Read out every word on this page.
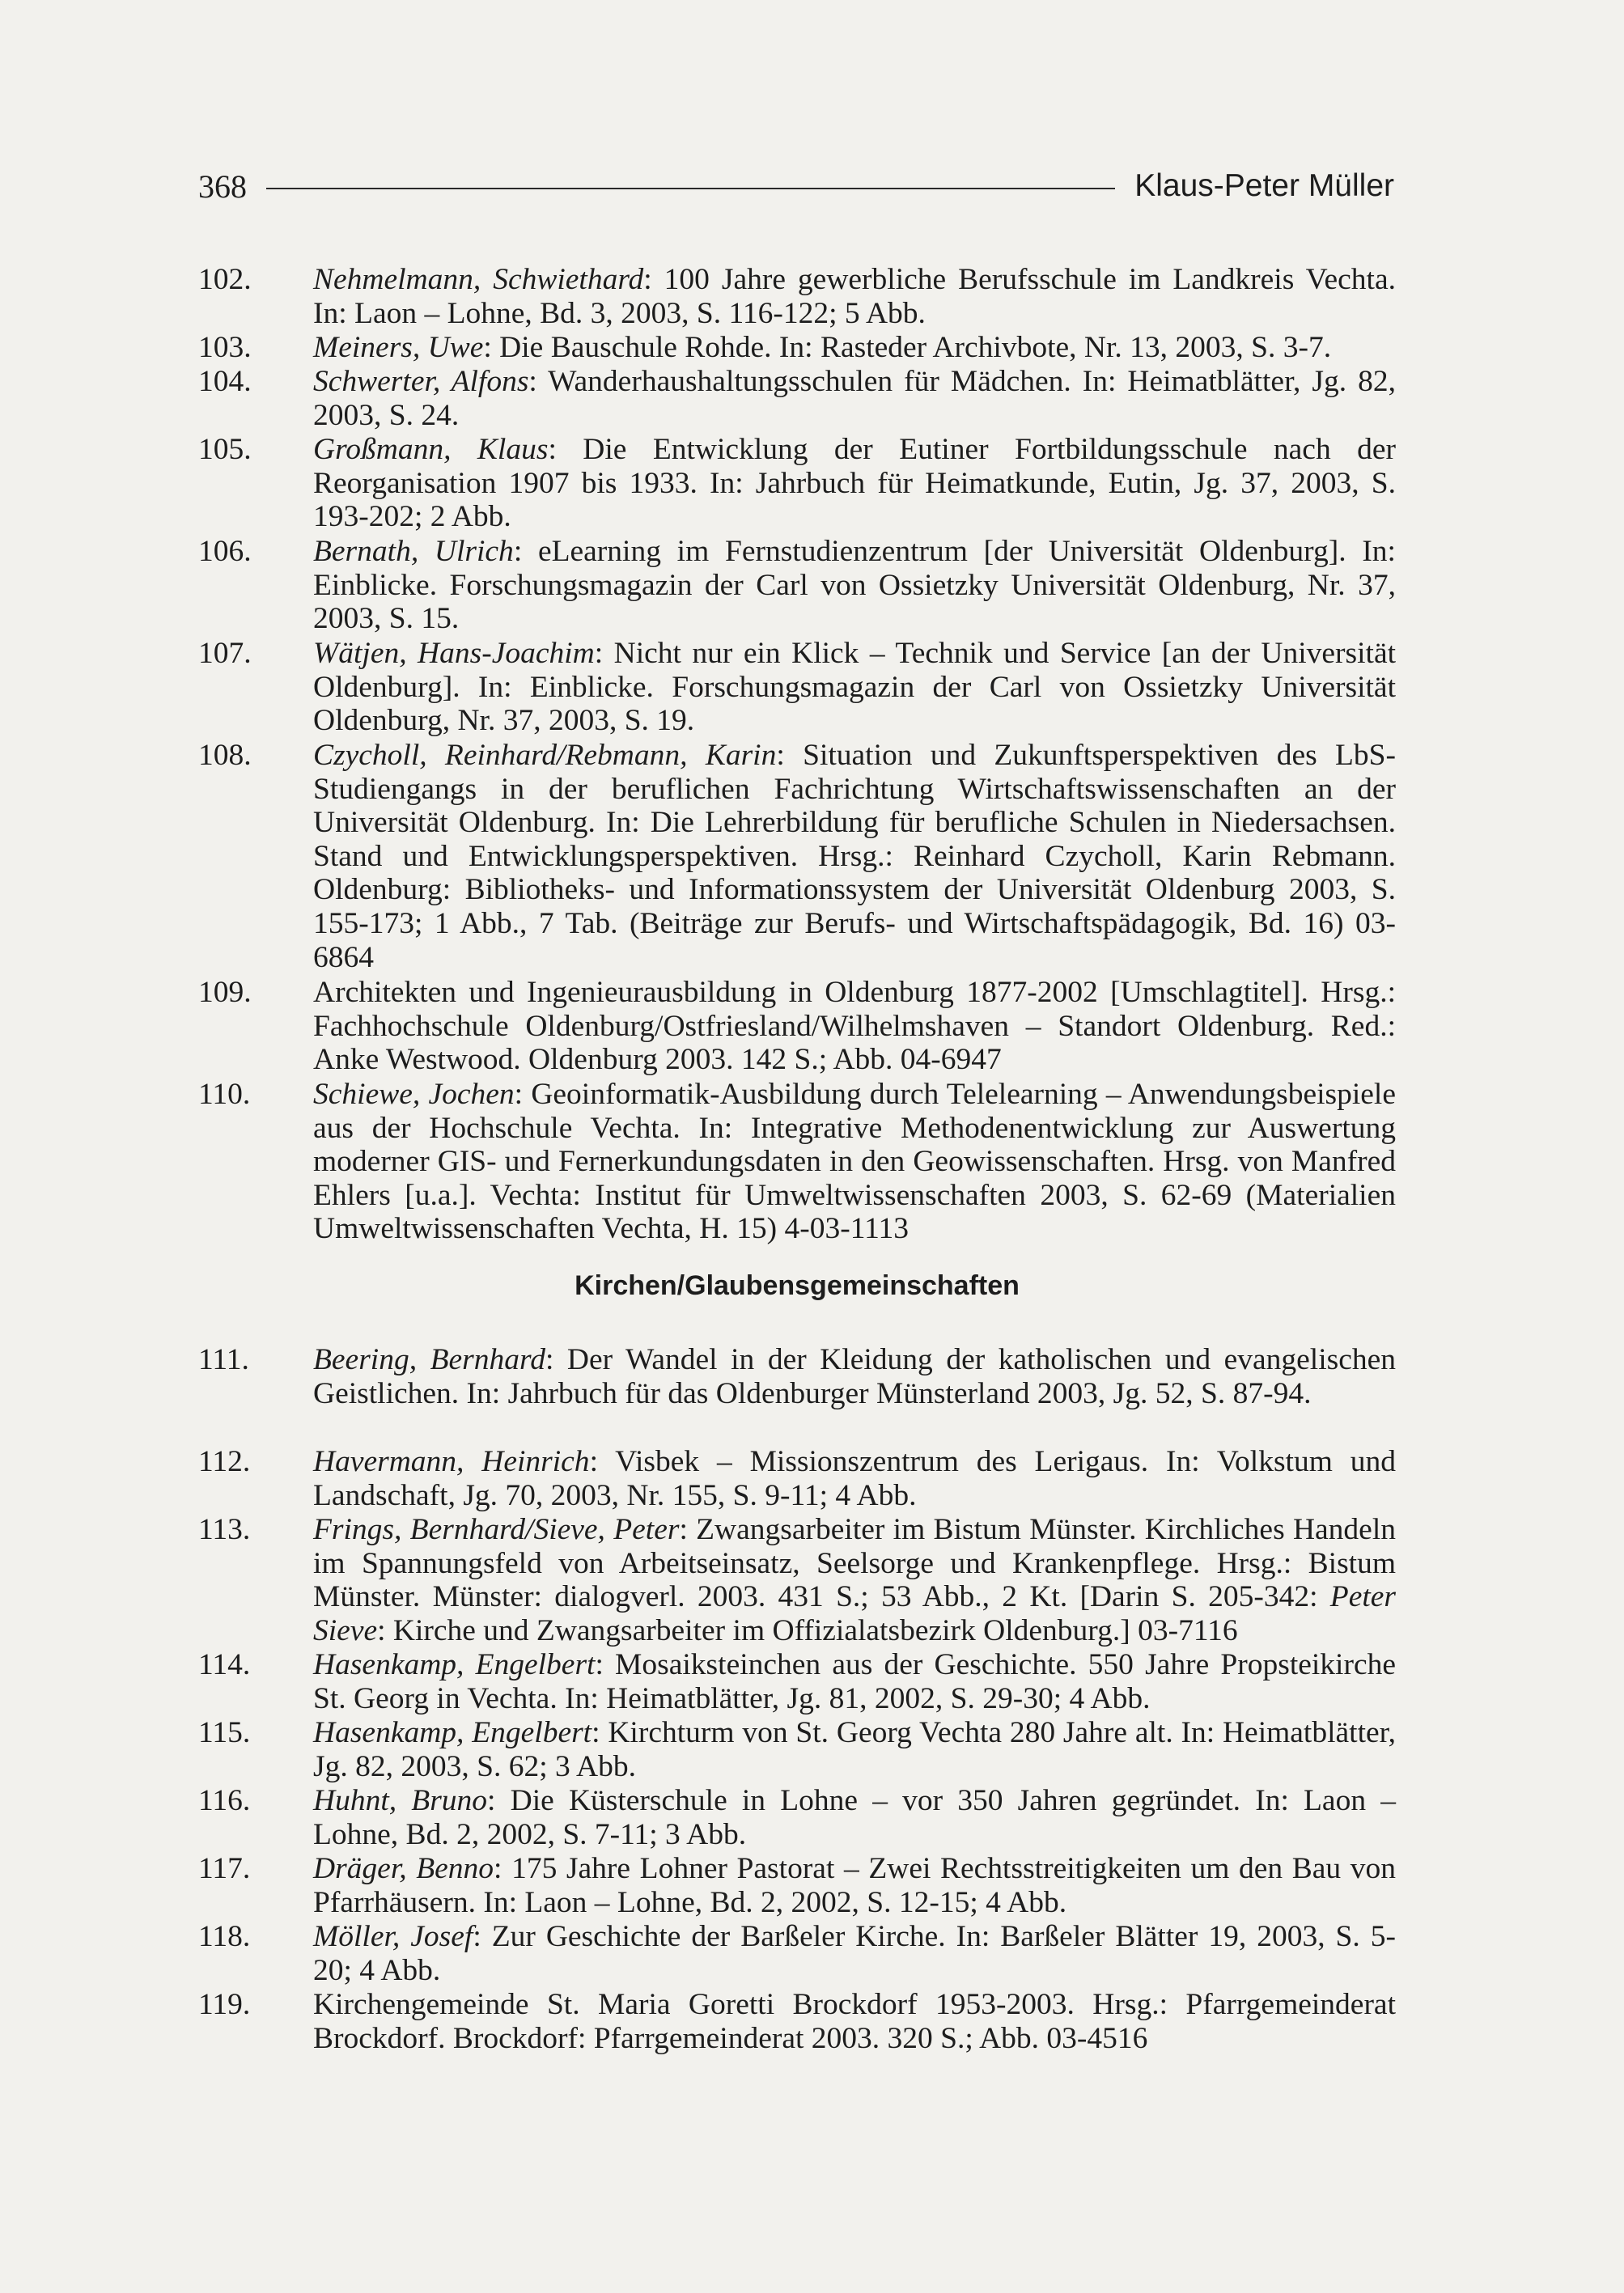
368	Klaus-Peter Müller
102.	Nehmelmann, Schwiethard: 100 Jahre gewerbliche Berufsschule im Landkreis Vechta. In: Laon – Lohne, Bd. 3, 2003, S. 116-122; 5 Abb.
103.	Meiners, Uwe: Die Bauschule Rohde. In: Rasteder Archivbote, Nr. 13, 2003, S. 3-7.
104.	Schwerter, Alfons: Wanderhaushaltungsschulen für Mädchen. In: Heimatblätter, Jg. 82, 2003, S. 24.
105.	Großmann, Klaus: Die Entwicklung der Eutiner Fortbildungsschule nach der Reorganisation 1907 bis 1933. In: Jahrbuch für Heimatkunde, Eutin, Jg. 37, 2003, S. 193-202; 2 Abb.
106.	Bernath, Ulrich: eLearning im Fernstudienzentrum [der Universität Oldenburg]. In: Einblicke. Forschungsmagazin der Carl von Ossietzky Universität Oldenburg, Nr. 37, 2003, S. 15.
107.	Wätjen, Hans-Joachim: Nicht nur ein Klick – Technik und Service [an der Universität Oldenburg]. In: Einblicke. Forschungsmagazin der Carl von Ossietzky Universität Oldenburg, Nr. 37, 2003, S. 19.
108.	Czycholl, Reinhard/Rebmann, Karin: Situation und Zukunftsperspektiven des LbS-Studiengangs in der beruflichen Fachrichtung Wirtschaftswissenschaften an der Universität Oldenburg. In: Die Lehrerbildung für berufliche Schulen in Niedersachsen. Stand und Entwicklungsperspektiven. Hrsg.: Reinhard Czycholl, Karin Rebmann. Oldenburg: Bibliotheks- und Informationssystem der Universität Oldenburg 2003, S. 155-173; 1 Abb., 7 Tab. (Beiträge zur Berufs- und Wirtschaftspädagogik, Bd. 16) 03-6864
109.	Architekten und Ingenieurausbildung in Oldenburg 1877-2002 [Umschlagtitel]. Hrsg.: Fachhochschule Oldenburg/Ostfriesland/Wilhelmshaven – Standort Oldenburg. Red.: Anke Westwood. Oldenburg 2003. 142 S.; Abb. 04-6947
110.	Schiewe, Jochen: Geoinformatik-Ausbildung durch Telelearning – Anwendungsbeispiele aus der Hochschule Vechta. In: Integrative Methodenentwicklung zur Auswertung moderner GIS- und Fernerkundungsdaten in den Geowissenschaften. Hrsg. von Manfred Ehlers [u.a.]. Vechta: Institut für Umweltwissenschaften 2003, S. 62-69 (Materialien Umweltwissenschaften Vechta, H. 15) 4-03-1113
Kirchen/Glaubensgemeinschaften
111.	Beering, Bernhard: Der Wandel in der Kleidung der katholischen und evangelischen Geistlichen. In: Jahrbuch für das Oldenburger Münsterland 2003, Jg. 52, S. 87-94.
112.	Havermann, Heinrich: Visbek – Missionszentrum des Lerigaus. In: Volkstum und Landschaft, Jg. 70, 2003, Nr. 155, S. 9-11; 4 Abb.
113.	Frings, Bernhard/Sieve, Peter: Zwangsarbeiter im Bistum Münster. Kirchliches Handeln im Spannungsfeld von Arbeitseinsatz, Seelsorge und Krankenpflege. Hrsg.: Bistum Münster. Münster: dialogverl. 2003. 431 S.; 53 Abb., 2 Kt. [Darin S. 205-342: Peter Sieve: Kirche und Zwangsarbeiter im Offizialatsbezirk Oldenburg.] 03-7116
114.	Hasenkamp, Engelbert: Mosaiksteinchen aus der Geschichte. 550 Jahre Propsteikirche St. Georg in Vechta. In: Heimatblätter, Jg. 81, 2002, S. 29-30; 4 Abb.
115.	Hasenkamp, Engelbert: Kirchturm von St. Georg Vechta 280 Jahre alt. In: Heimatblätter, Jg. 82, 2003, S. 62; 3 Abb.
116.	Huhnt, Bruno: Die Küsterschule in Lohne – vor 350 Jahren gegründet. In: Laon – Lohne, Bd. 2, 2002, S. 7-11; 3 Abb.
117.	Dräger, Benno: 175 Jahre Lohner Pastorat – Zwei Rechtsstreitigkeiten um den Bau von Pfarrhäusern. In: Laon – Lohne, Bd. 2, 2002, S. 12-15; 4 Abb.
118.	Möller, Josef: Zur Geschichte der Barßeler Kirche. In: Barßeler Blätter 19, 2003, S. 5-20; 4 Abb.
119.	Kirchengemeinde St. Maria Goretti Brockdorf 1953-2003. Hrsg.: Pfarrgemeinderat Brockdorf. Brockdorf: Pfarrgemeinderat 2003. 320 S.; Abb. 03-4516
